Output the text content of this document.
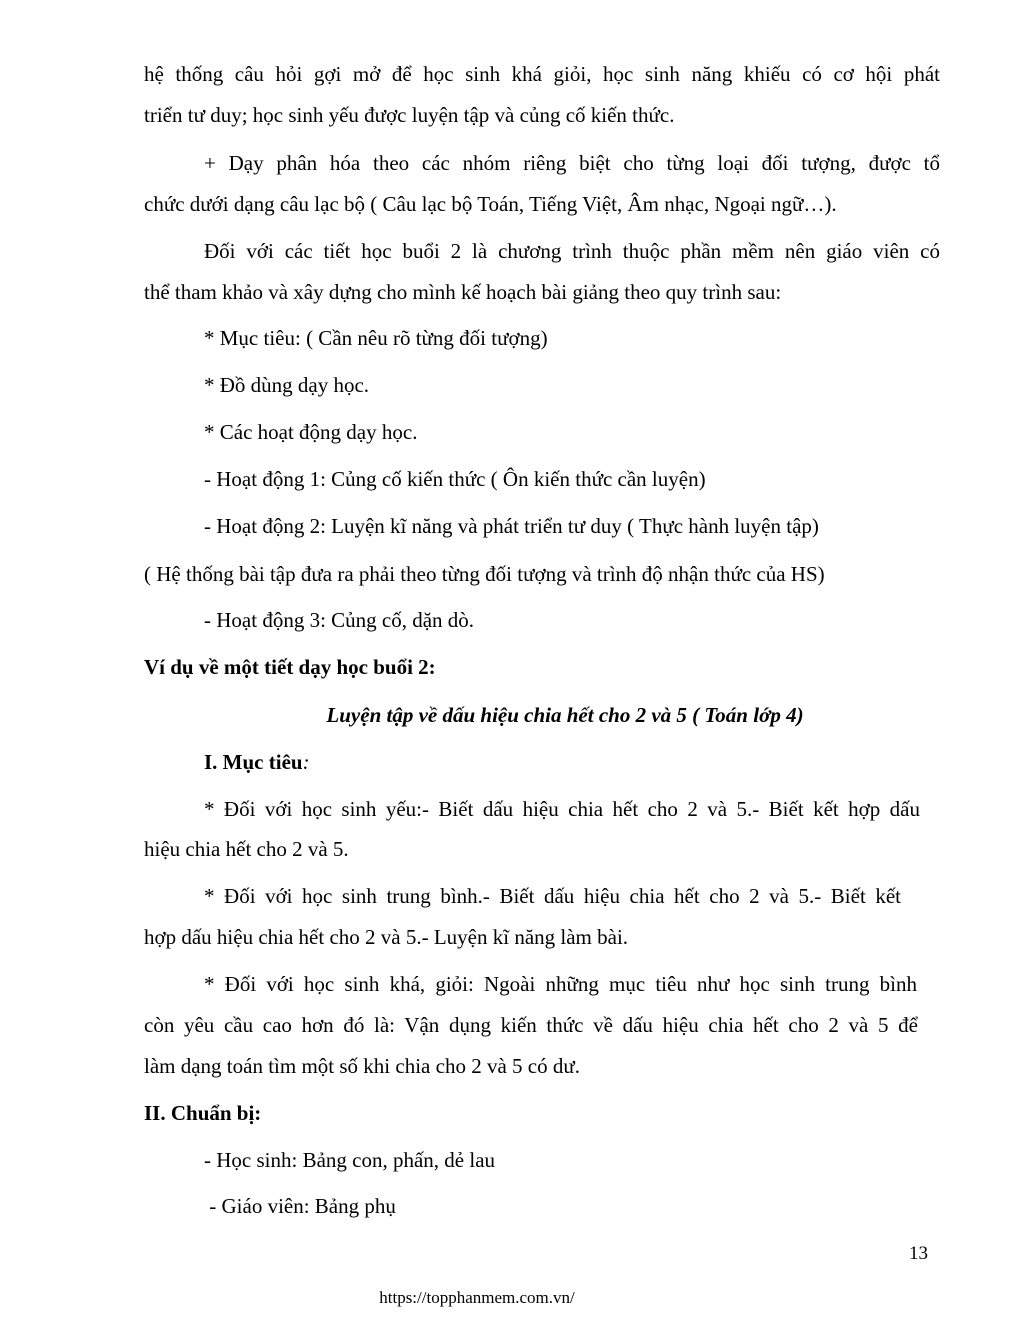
hệ thống câu hỏi gợi mở để học sinh khá giỏi, học sinh năng khiếu có cơ hội phát

triển tư duy; học sinh yếu được luyện tập và củng cố kiến thức.

+ Dạy phân hóa theo các nhóm riêng biệt cho từng loại đối tượng, được tổ

chức dưới dạng câu lạc bộ ( Câu lạc bộ Toán, Tiếng Việt, Âm nhạc, Ngoại ngữ…).

Đối với các tiết học buổi 2 là chương trình thuộc phần mềm nên giáo viên có

thể tham khảo và xây dựng cho mình kế hoạch bài giảng theo quy trình sau:

* Mục tiêu: ( Cần nêu rõ từng đối tượng)

* Đồ dùng dạy học.

* Các hoạt động dạy học.

- Hoạt động 1: Củng cố kiến thức ( Ôn kiến thức cần luyện)

- Hoạt động 2: Luyện kĩ năng và phát triển tư duy ( Thực hành luyện tập)

( Hệ thống bài tập đưa ra phải theo từng đối tượng và trình độ nhận thức của HS)

- Hoạt động 3: Củng cố, dặn dò.

Ví dụ về một tiết dạy học buổi 2:

Luyện tập về dấu hiệu chia hết cho 2 và 5 ( Toán lớp 4)

I. Mục tiêu:

* Đối với học sinh yếu:- Biết dấu hiệu chia hết cho 2 và 5.- Biết kết hợp dấu

hiệu chia hết cho 2 và 5.

* Đối với học sinh trung bình.- Biết dấu hiệu chia hết cho 2 và 5.- Biết kết

hợp dấu hiệu chia hết cho 2 và 5.- Luyện kĩ năng làm bài.

* Đối với học sinh khá, giỏi: Ngoài những mục tiêu như học sinh trung bình

còn yêu cầu cao hơn đó là: Vận dụng kiến thức về dấu hiệu chia hết cho 2 và 5 để

làm dạng toán tìm một số khi chia cho 2 và 5 có dư.

II. Chuẩn bị:

- Học sinh: Bảng con, phấn, dẻ lau

- Giáo viên: Bảng phụ

13
https://topphanmem.com.vn/
